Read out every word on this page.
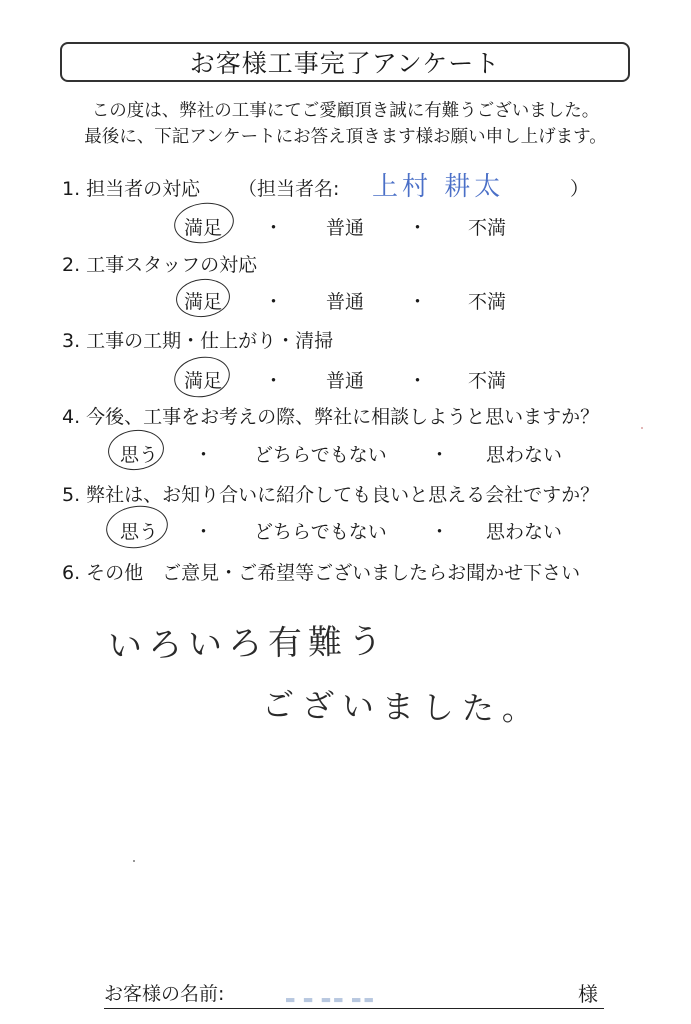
お客様工事完了アンケート
この度は、弊社の工事にてご愛顧頂き誠に有難うございました。
最後に、下記アンケートにお答え頂きます様お願い申し上げます。
1. 担当者の対応 （担当者名: 上村 耕太	）
満足 ・ 普通 ・ 不満
2. 工事スタッフの対応
満足 ・ 普通 ・ 不満
3. 工事の工期・仕上がり・清掃
満足 ・ 普通 ・ 不満
4. 今後、工事をお考えの際、弊社に相談しようと思いますか？
思う ・ どちらでもない ・ 思わない
5. 弊社は、お知り合いに紹介しても良いと思える会社ですか？
思う ・ どちらでもない ・ 思わない
6. その他　ご意見・ご希望等ございましたらお聞かせ下さい
いろいろ有難う
ございました。
お客様の名前:	▬ ▬ ▬▬ ▬▬	様
